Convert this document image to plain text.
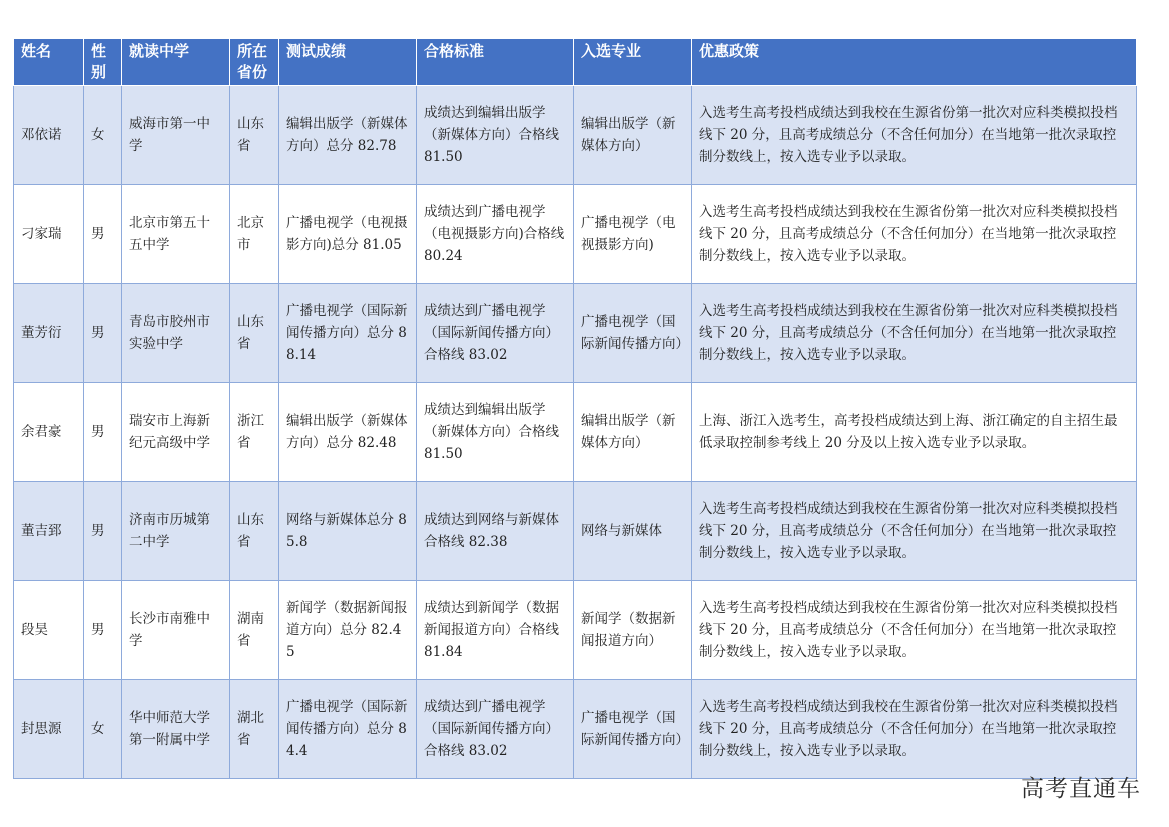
姓名	性别	就读中学	所在省份	测试成绩	合格标准	入选专业	优惠政策
邓依诺	女	威海市第一中学	山东省	编辑出版学（新媒体方向）总分 82.78	成绩达到编辑出版学（新媒体方向）合格线 81.50	编辑出版学（新媒体方向）	入选考生高考投档成绩达到我校在生源省份第一批次对应科类模拟投档线下 20 分，且高考成绩总分（不含任何加分）在当地第一批次录取控制分数线上，按入选专业予以录取。
刁家瑞	男	北京市第五十五中学	北京市	广播电视学（电视摄影方向)总分 81.05	成绩达到广播电视学（电视摄影方向)合格线 80.24	广播电视学（电视摄影方向)	入选考生高考投档成绩达到我校在生源省份第一批次对应科类模拟投档线下 20 分，且高考成绩总分（不含任何加分）在当地第一批次录取控制分数线上，按入选专业予以录取。
董芳衍	男	青岛市胶州市实验中学	山东省	广播电视学（国际新闻传播方向）总分 88.14	成绩达到广播电视学（国际新闻传播方向）合格线 83.02	广播电视学（国际新闻传播方向）	入选考生高考投档成绩达到我校在生源省份第一批次对应科类模拟投档线下 20 分，且高考成绩总分（不含任何加分）在当地第一批次录取控制分数线上，按入选专业予以录取。
余君豪	男	瑞安市上海新纪元高级中学	浙江省	编辑出版学（新媒体方向）总分 82.48	成绩达到编辑出版学（新媒体方向）合格线 81.50	编辑出版学（新媒体方向）	上海、浙江入选考生，高考投档成绩达到上海、浙江确定的自主招生最低录取控制参考线上 20 分及以上按入选专业予以录取。
董吉郅	男	济南市历城第二中学	山东省	网络与新媒体总分 85.8	成绩达到网络与新媒体合格线 82.38	网络与新媒体	入选考生高考投档成绩达到我校在生源省份第一批次对应科类模拟投档线下 20 分，且高考成绩总分（不含任何加分）在当地第一批次录取控制分数线上，按入选专业予以录取。
段昊	男	长沙市南雅中学	湖南省	新闻学（数据新闻报道方向）总分 82.45	成绩达到新闻学（数据新闻报道方向）合格线 81.84	新闻学（数据新闻报道方向）	入选考生高考投档成绩达到我校在生源省份第一批次对应科类模拟投档线下 20 分，且高考成绩总分（不含任何加分）在当地第一批次录取控制分数线上，按入选专业予以录取。
封思源	女	华中师范大学第一附属中学	湖北省	广播电视学（国际新闻传播方向）总分 84.4	成绩达到广播电视学（国际新闻传播方向）合格线 83.02	广播电视学（国际新闻传播方向）	入选考生高考投档成绩达到我校在生源省份第一批次对应科类模拟投档线下 20 分，且高考成绩总分（不含任何加分）在当地第一批次录取控制分数线上，按入选专业予以录取。
高考直通车
